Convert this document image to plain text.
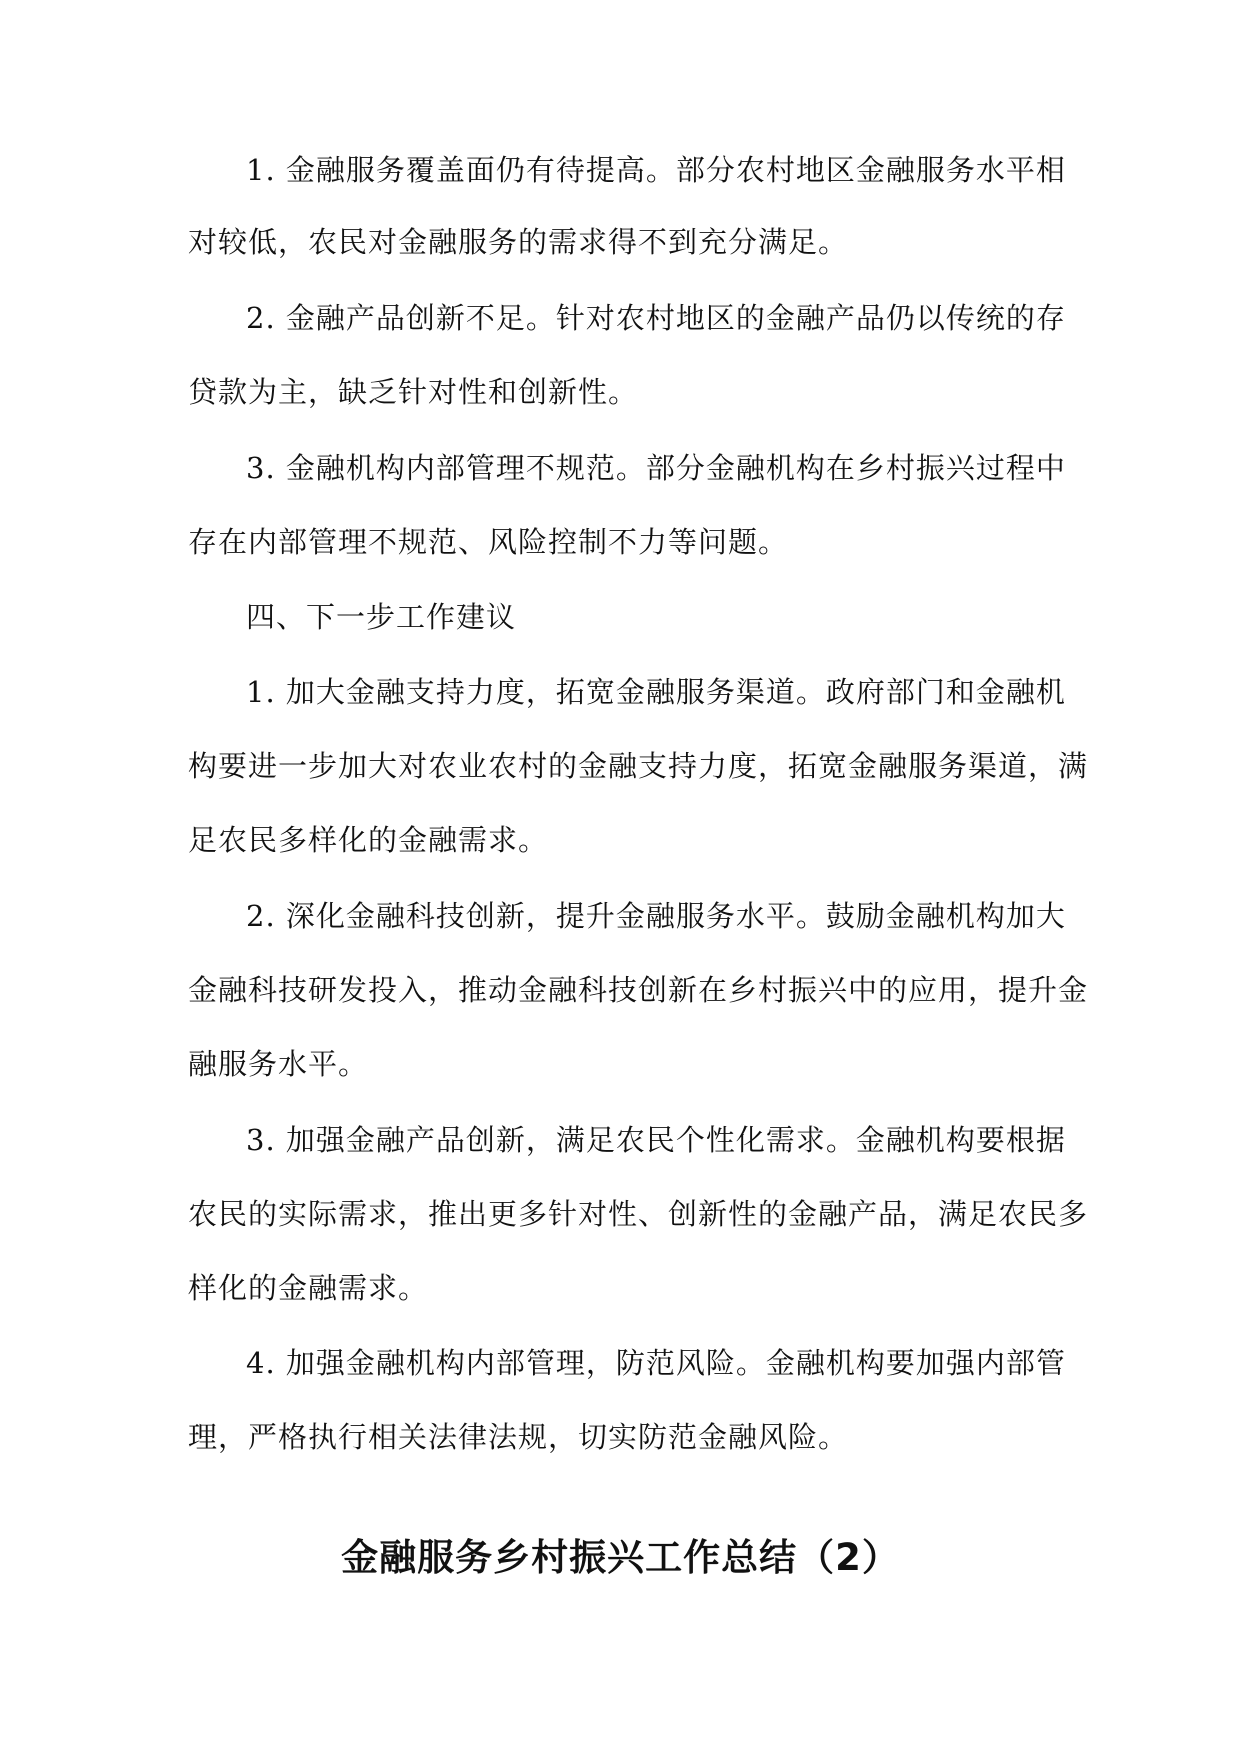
1. 金融服务覆盖面仍有待提高。部分农村地区金融服务水平相
对较低，农民对金融服务的需求得不到充分满足。
2. 金融产品创新不足。针对农村地区的金融产品仍以传统的存
贷款为主，缺乏针对性和创新性。
3. 金融机构内部管理不规范。部分金融机构在乡村振兴过程中
存在内部管理不规范、风险控制不力等问题。
四、下一步工作建议
1. 加大金融支持力度，拓宽金融服务渠道。政府部门和金融机
构要进一步加大对农业农村的金融支持力度，拓宽金融服务渠道，满
足农民多样化的金融需求。
2. 深化金融科技创新，提升金融服务水平。鼓励金融机构加大
金融科技研发投入，推动金融科技创新在乡村振兴中的应用，提升金
融服务水平。
3. 加强金融产品创新，满足农民个性化需求。金融机构要根据
农民的实际需求，推出更多针对性、创新性的金融产品，满足农民多
样化的金融需求。
4. 加强金融机构内部管理，防范风险。金融机构要加强内部管
理，严格执行相关法律法规，切实防范金融风险。
金融服务乡村振兴工作总结（2）
